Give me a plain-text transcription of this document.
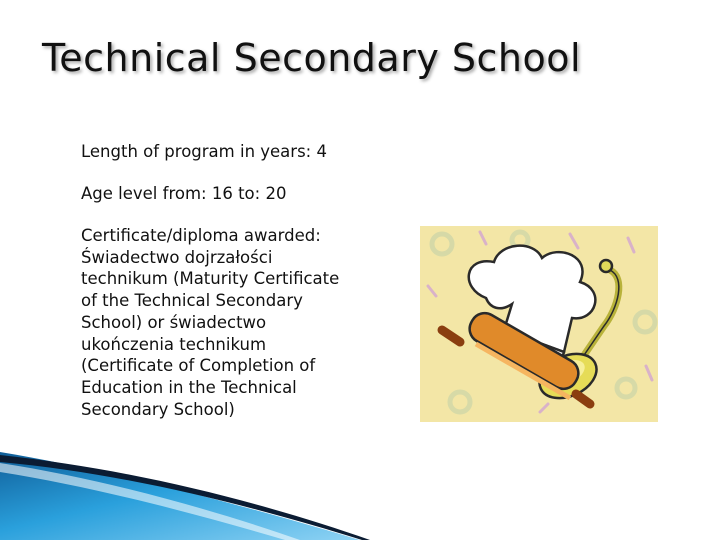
Technical Secondary School

Length of program in years: 4

Age level from: 16 to: 20

Certificate/diploma awarded: Świadectwo dojrzałości technikum (Maturity Certificate of the Technical Secondary School) or świadectwo ukończenia technikum (Certificate of Completion of Education in the Technical Secondary School)
